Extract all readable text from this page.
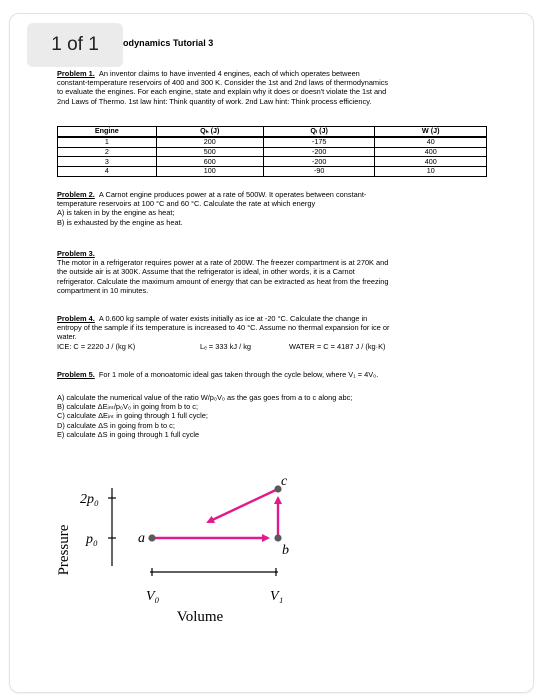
1 of 1	odynamics Tutorial 3

Problem 1. An inventor claims to have invented 4 engines, each of which operates between

constant-temperature reservoirs of 400 and 300 K. Consider the 1st and 2nd laws of thermodynamics

to evaluate the engines. For each engine, state and explain why it does or doesn't violate the 1st and

2nd Laws of Thermo. 1st law hint: Think quantity of work. 2nd Law hint: Think process efficiency.

Engine	Qₕ (J)	Qₗ (J)	W (J)
1	200	-175	40
2	500	-200	400
3	600	-200	400
4	100	-90	10

Problem 2. A Carnot engine produces power at a rate of 500W. It operates between constant-

temperature reservoirs at 100 °C and 60 °C. Calculate the rate at which energy

A) is taken in by the engine as heat;

B) is exhausted by the engine as heat.

Problem 3.

The motor in a refrigerator requires power at a rate of 200W. The freezer compartment is at 270K and

the outside air is at 300K. Assume that the refrigerator is ideal, in other words, it is a Carnot

refrigerator. Calculate the maximum amount of energy that can be extracted as heat from the freezing

compartment in 10 minutes.

Problem 4. A 0.600 kg sample of water exists initially as ice at -20 °C. Calculate the change in

entropy of the sample if its temperature is increased to 40 °C. Assume no thermal expansion for ice or

water.

ICE: C = 2220 J / (kg K)	Lₑ = 333 kJ / kg	WATER = C = 4187 J / (kg·K)

Problem 5. For 1 mole of a monoatomic ideal gas taken through the cycle below, where V₁ = 4V₀.

A) calculate the numerical value of the ratio W/p₀V₀ as the gas goes from a to c along abc;

B) calculate ΔEᵢₙₜ/p₀V₀ in going from b to c;

C) calculate ΔEᵢₙₜ in going through 1 full cycle;

D) calculate ΔS in going from b to c;

E) calculate ΔS in going through 1 full cycle

Pressure
2p₀
p₀
V₀	V₁
Volume
a
b
c
